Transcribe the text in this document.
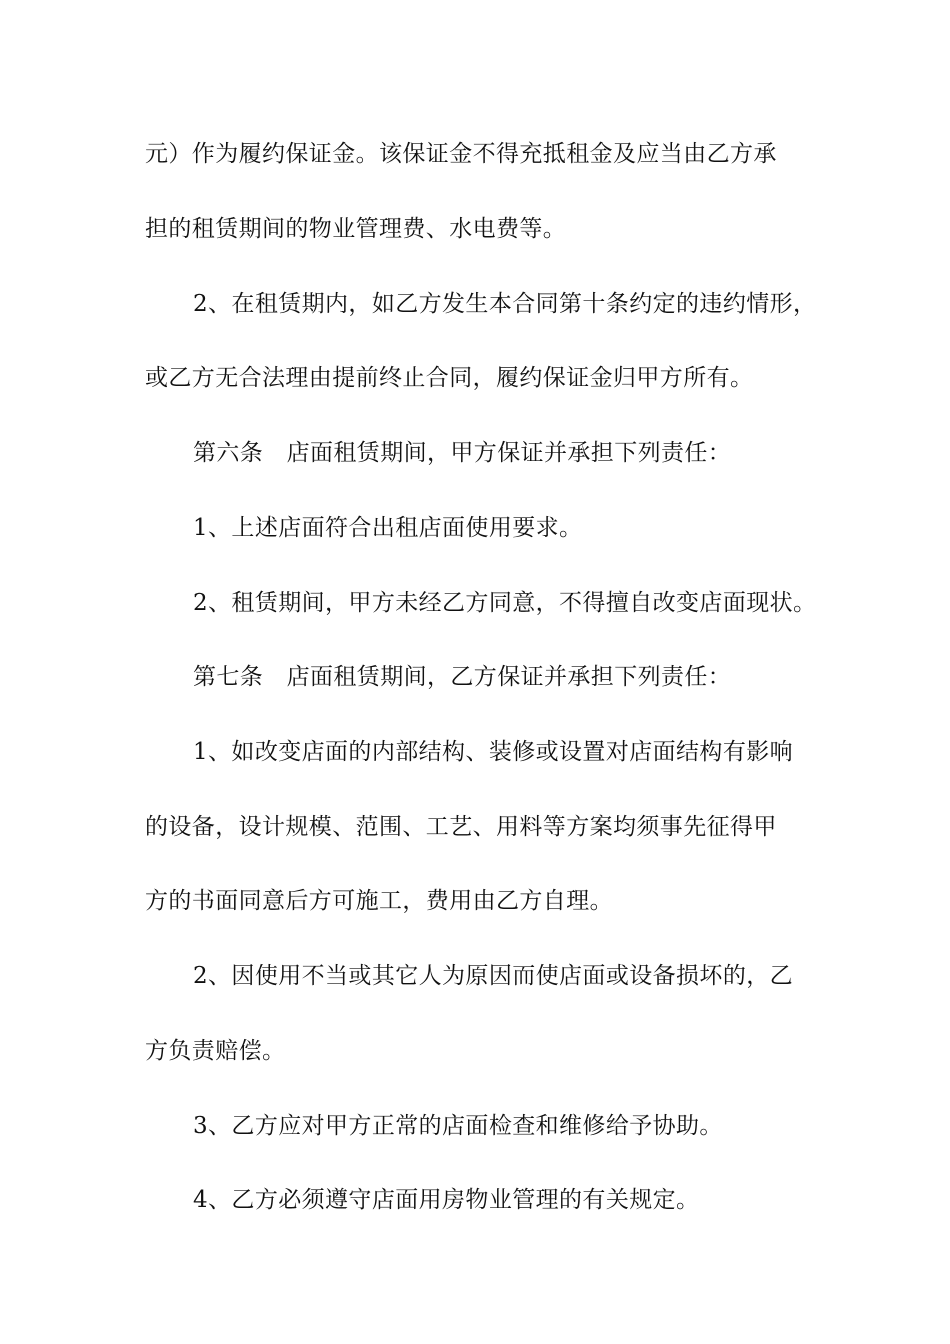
元）作为履约保证金。该保证金不得充抵租金及应当由乙方承
担的租赁期间的物业管理费、水电费等。
2、在租赁期内，如乙方发生本合同第十条约定的违约情形，
或乙方无合法理由提前终止合同，履约保证金归甲方所有。
第六条　店面租赁期间，甲方保证并承担下列责任：
1、上述店面符合出租店面使用要求。
2、租赁期间，甲方未经乙方同意，不得擅自改变店面现状。
第七条　店面租赁期间，乙方保证并承担下列责任：
1、如改变店面的内部结构、装修或设置对店面结构有影响
的设备，设计规模、范围、工艺、用料等方案均须事先征得甲
方的书面同意后方可施工，费用由乙方自理。
2、因使用不当或其它人为原因而使店面或设备损坏的，乙
方负责赔偿。
3、乙方应对甲方正常的店面检查和维修给予协助。
4、乙方必须遵守店面用房物业管理的有关规定。
